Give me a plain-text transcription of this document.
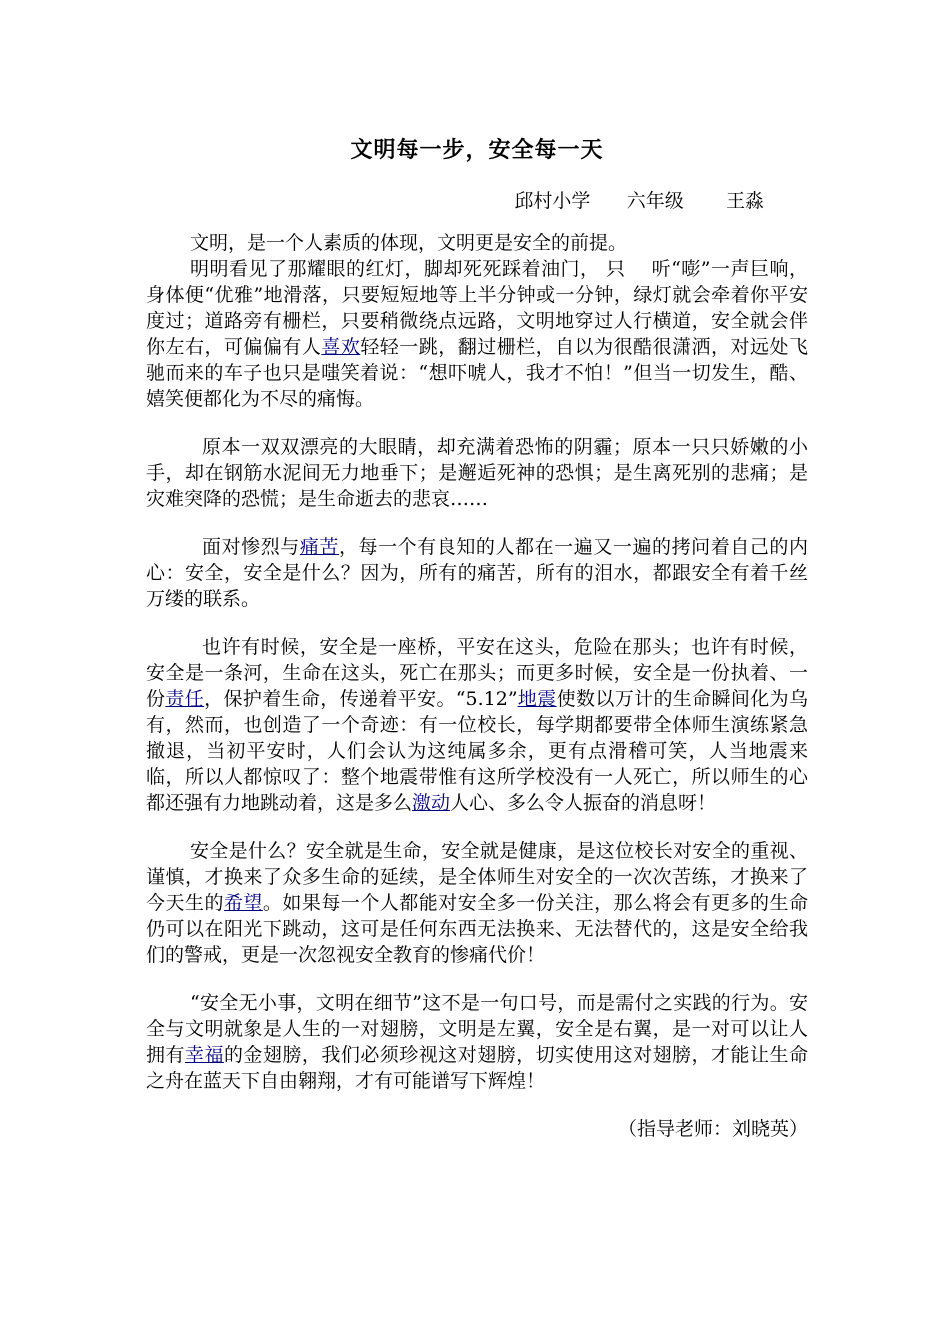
文明每一步，安全每一天
邱村小学 六年级 王淼

文明，是一个人素质的体现，文明更是安全的前提。

明明看见了那耀眼的红灯，脚却死死踩着油门， 只　 听“嘭”一声巨响，身体便“优雅”地滑落，只要短短地等上半分钟或一分钟，绿灯就会牵着你平安度过；道路旁有栅栏，只要稍微绕点远路，文明地穿过人行横道，安全就会伴你左右，可偏偏有人喜欢轻轻一跳，翻过栅栏，自以为很酷很潇洒，对远处飞驰而来的车子也只是嗤笑着说：“想吓唬人，我才不怕！”但当一切发生，酷、嬉笑便都化为不尽的痛悔。

原本一双双漂亮的大眼睛，却充满着恐怖的阴霾；原本一只只娇嫩的小手，却在钢筋水泥间无力地垂下；是邂逅死神的恐惧；是生离死别的悲痛；是灾难突降的恐慌；是生命逝去的悲哀……

面对惨烈与痛苦，每一个有良知的人都在一遍又一遍的拷问着自己的内心：安全，安全是什么？因为，所有的痛苦，所有的泪水，都跟安全有着千丝万缕的联系。

也许有时候，安全是一座桥，平安在这头，危险在那头；也许有时候，安全是一条河，生命在这头，死亡在那头；而更多时候，安全是一份执着、一份责任，保护着生命，传递着平安。“5.12”地震使数以万计的生命瞬间化为乌有，然而，也创造了一个奇迹：有一位校长，每学期都要带全体师生演练紧急撤退，当初平安时，人们会认为这纯属多余，更有点滑稽可笑，人当地震来临，所以人都惊叹了：整个地震带惟有这所学校没有一人死亡，所以师生的心都还强有力地跳动着，这是多么激动人心、多么令人振奋的消息呀！

安全是什么？安全就是生命，安全就是健康，是这位校长对安全的重视、谨慎，才换来了众多生命的延续，是全体师生对安全的一次次苦练，才换来了今天生的希望。如果每一个人都能对安全多一份关注，那么将会有更多的生命仍可以在阳光下跳动，这可是任何东西无法换来、无法替代的，这是安全给我们的警戒，更是一次忽视安全教育的惨痛代价！

“安全无小事，文明在细节”这不是一句口号，而是需付之实践的行为。安全与文明就象是人生的一对翅膀，文明是左翼，安全是右翼，是一对可以让人拥有幸福的金翅膀，我们必须珍视这对翅膀，切实使用这对翅膀，才能让生命之舟在蓝天下自由翱翔，才有可能谱写下辉煌！

（指导老师：刘晓英）
